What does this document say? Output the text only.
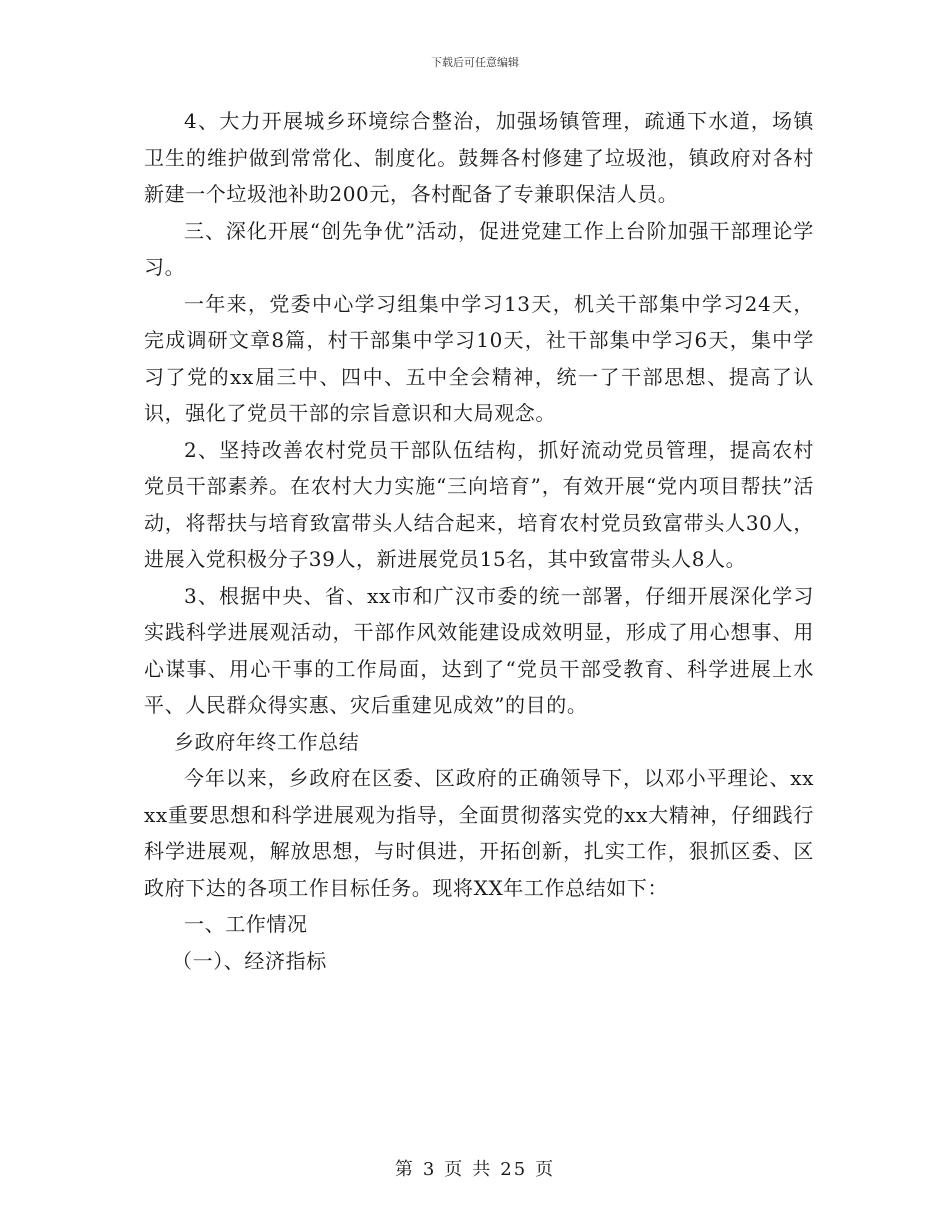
下载后可任意编辑

4、大力开展城乡环境综合整治，加强场镇管理，疏通下水道，场镇卫生的维护做到常常化、制度化。鼓舞各村修建了垃圾池，镇政府对各村新建一个垃圾池补助200元，各村配备了专兼职保洁人员。

三、深化开展“创先争优”活动，促进党建工作上台阶加强干部理论学习。

一年来，党委中心学习组集中学习13天，机关干部集中学习24天，完成调研文章8篇，村干部集中学习10天，社干部集中学习6天，集中学习了党的xx届三中、四中、五中全会精神，统一了干部思想、提高了认识，强化了党员干部的宗旨意识和大局观念。

2、坚持改善农村党员干部队伍结构，抓好流动党员管理，提高农村党员干部素养。在农村大力实施“三向培育”，有效开展“党内项目帮扶”活动，将帮扶与培育致富带头人结合起来，培育农村党员致富带头人30人，进展入党积极分子39人，新进展党员15名，其中致富带头人8人。

3、根据中央、省、xx市和广汉市委的统一部署，仔细开展深化学习实践科学进展观活动，干部作风效能建设成效明显，形成了用心想事、用心谋事、用心干事的工作局面，达到了“党员干部受教育、科学进展上水平、人民群众得实惠、灾后重建见成效”的目的。

乡政府年终工作总结

今年以来，乡政府在区委、区政府的正确领导下，以邓小平理论、xxxx重要思想和科学进展观为指导，全面贯彻落实党的xx大精神，仔细践行科学进展观，解放思想，与时俱进，开拓创新，扎实工作，狠抓区委、区政府下达的各项工作目标任务。现将XX年工作总结如下：

一、工作情况

（一）、经济指标

第 3 页 共 25 页
